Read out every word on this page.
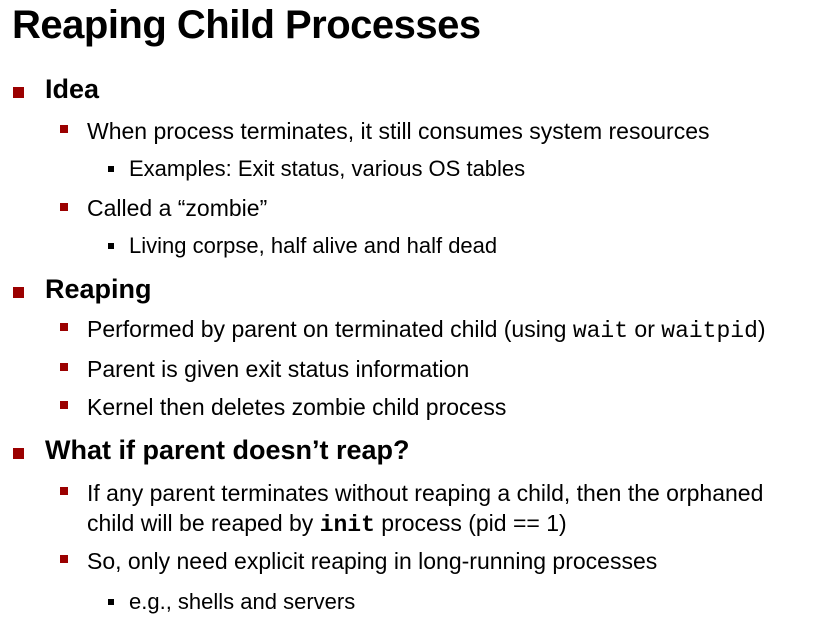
Reaping Child Processes
Idea
When process terminates, it still consumes system resources
Examples: Exit status, various OS tables
Called a “zombie”
Living corpse, half alive and half dead
Reaping
Performed by parent on terminated child (using wait or waitpid)
Parent is given exit status information
Kernel then deletes zombie child process
What if parent doesn’t reap?
If any parent terminates without reaping a child, then the orphaned
child will be reaped by init process (pid == 1)
So, only need explicit reaping in long-running processes
e.g., shells and servers
